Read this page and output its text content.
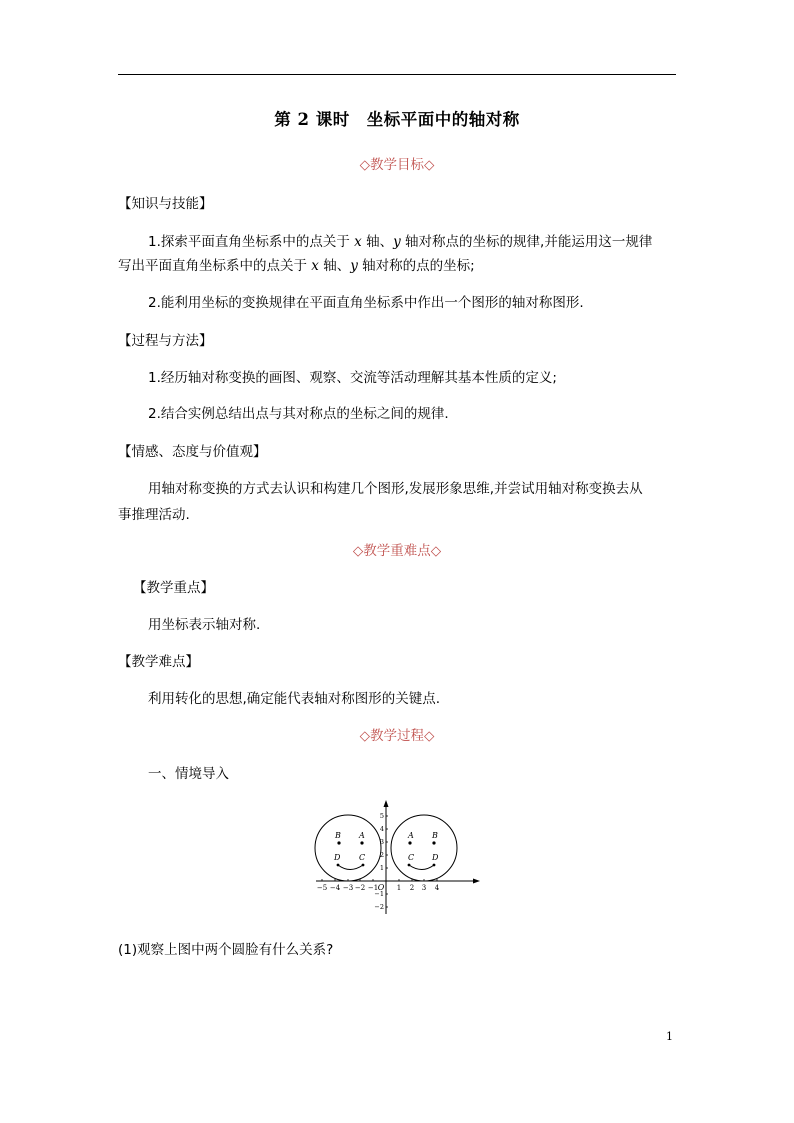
第 2 课时　坐标平面中的轴对称
◇教学目标◇
【知识与技能】
1.探索平面直角坐标系中的点关于 x 轴、y 轴对称点的坐标的规律,并能运用这一规律
写出平面直角坐标系中的点关于 x 轴、y 轴对称的点的坐标;
2.能利用坐标的变换规律在平面直角坐标系中作出一个图形的轴对称图形.
【过程与方法】
1.经历轴对称变换的画图、观察、交流等活动理解其基本性质的定义;
2.结合实例总结出点与其对称点的坐标之间的规律.
【情感、态度与价值观】
用轴对称变换的方式去认识和构建几个图形,发展形象思维,并尝试用轴对称变换去从
事推理活动.
◇教学重难点◇
【教学重点】
用坐标表示轴对称.
【教学难点】
利用转化的思想,确定能代表轴对称图形的关键点.
◇教学过程◇
一、情境导入
−5 −4 −3 −2 −1	1 2 3 4
O
5
4
3
2
1
−1
−2
B A
D C
A B
C D
(1)观察上图中两个圆脸有什么关系?
1
